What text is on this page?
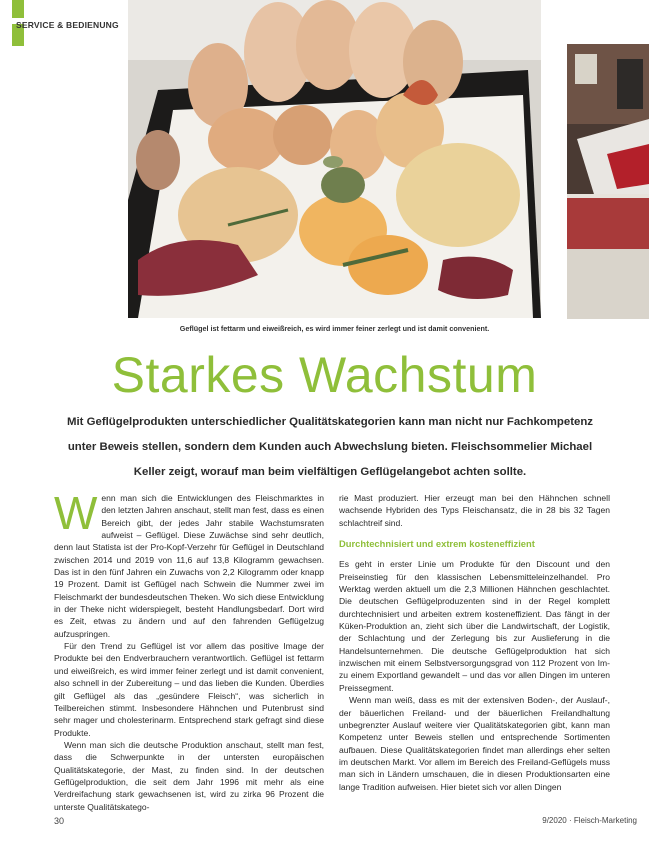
SERVICE & BEDIENUNG
Geflügel ist fettarm und eiweißreich, es wird immer feiner zerlegt und ist damit convenient.
Starkes Wachstum
Mit Geflügelprodukten unterschiedlicher Qualitätskategorien kann man nicht nur Fachkompetenz unter Beweis stellen, sondern dem Kunden auch Abwechslung bieten. Fleischsommelier Michael Keller zeigt, worauf man beim vielfältigen Geflügelangebot achten sollte.

Wenn man sich die Entwicklungen des Fleischmarktes in den letzten Jahren anschaut, stellt man fest, dass es einen Bereich gibt, der jedes Jahr stabile Wachstumsraten aufweist – Geflügel. Diese Zuwächse sind sehr deutlich, denn laut Statista ist der Pro-Kopf-Verzehr für Geflügel in Deutschland zwischen 2014 und 2019 von 11,6 auf 13,8 Kilogramm gewachsen. Das ist in den fünf Jahren ein Zuwachs von 2,2 Kilogramm oder knapp 19 Prozent. Damit ist Geflügel nach Schwein die Nummer zwei im Fleischmarkt der bundesdeutschen Theken. Wo sich diese Entwicklung in der Theke nicht widerspiegelt, besteht Handlungsbedarf. Dort wird es Zeit, etwas zu ändern und auf den fahrenden Geflügelzug aufzuspringen.

Für den Trend zu Geflügel ist vor allem das positive Image der Produkte bei den Endverbrauchern verantwortlich. Geflügel ist fettarm und eiweißreich, es wird immer feiner zerlegt und ist damit convenient, also schnell in der Zubereitung – und das lieben die Kunden. Überdies gilt Geflügel als das „gesündere Fleisch“, was sicherlich in Teilbereichen stimmt. Insbesondere Hähnchen und Putenbrust sind sehr mager und cholesterinarm. Entsprechend stark gefragt sind diese Produkte.

Wenn man sich die deutsche Produktion anschaut, stellt man fest, dass die Schwerpunkte in der untersten europäischen Qualitätskategorie, der Mast, zu finden sind. In der deutschen Geflügelproduktion, die seit dem Jahr 1996 mit mehr als eine Verdreifachung stark gewachsenen ist, wird zu zirka 96 Prozent die unterste Qualitätskatego-

rie Mast produziert. Hier erzeugt man bei den Hähnchen schnell wachsende Hybriden des Typs Fleischansatz, die in 28 bis 32 Tagen schlachtreif sind.

Durchtechnisiert und extrem kosteneffizient

Es geht in erster Linie um Produkte für den Discount und den Preiseinstieg für den klassischen Lebensmitteleinzelhandel. Pro Werktag werden aktuell um die 2,3 Millionen Hähnchen geschlachtet. Die deutschen Geflügelproduzenten sind in der Regel komplett durchtechnisiert und arbeiten extrem kosteneffizient. Das fängt in der Küken-Produktion an, zieht sich über die Landwirtschaft, der Logistik, der Schlachtung und der Zerlegung bis zur Auslieferung in die Handelsunternehmen. Die deutsche Geflügelproduktion hat sich inzwischen mit einem Selbstversorgungsgrad von 112 Prozent von Im- zu einem Exportland gewandelt – und das vor allen Dingen im unteren Preissegment.

Wenn man weiß, dass es mit der extensiven Boden-, der Auslauf-, der bäuerlichen Freiland- und der bäuerlichen Freilandhaltung unbegrenzter Auslauf weitere vier Qualitätskategorien gibt, kann man Kompetenz unter Beweis stellen und entsprechende Sortimenten aufbauen. Diese Qualitätskategorien findet man allerdings eher selten im deutschen Markt. Vor allem im Bereich des Freiland-Geflügels muss man sich in Ländern umschauen, die in diesen Produktionsarten eine lange Tradition aufweisen. Hier bietet sich vor allen Dingen

30	9/2020 · Fleisch-Marketing
